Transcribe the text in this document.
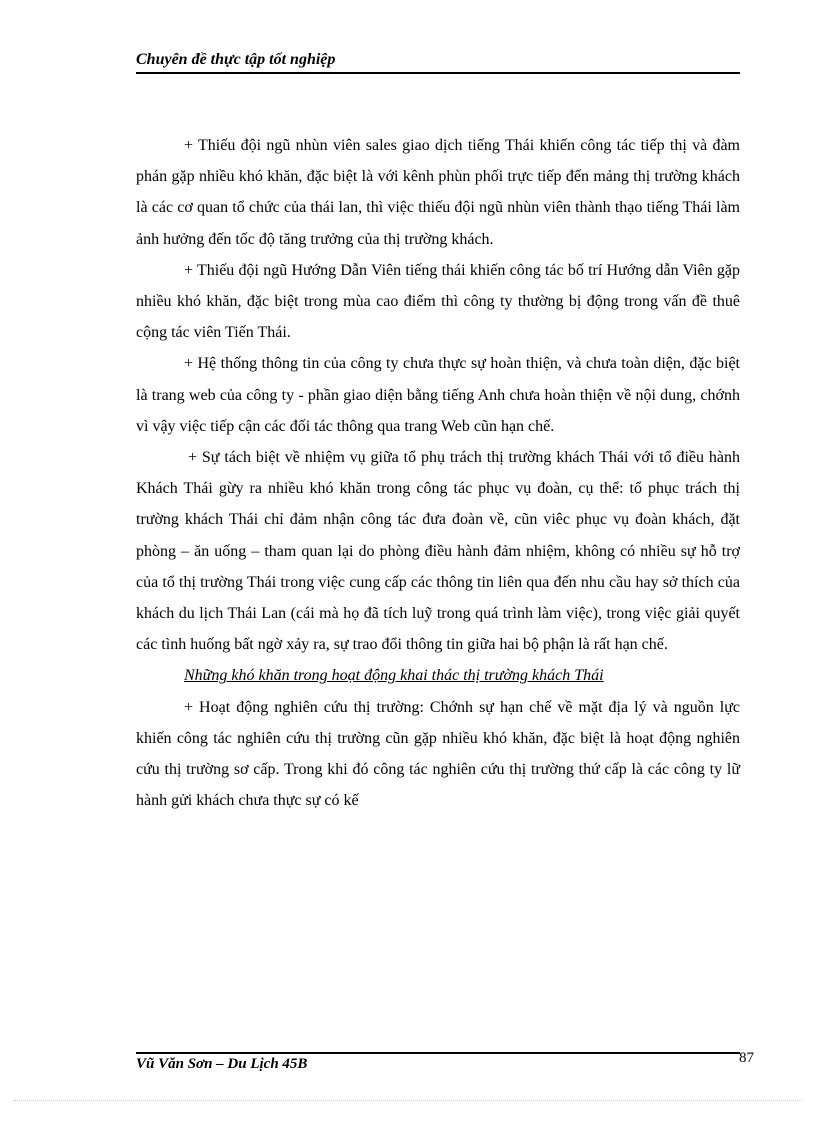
Chuyên đề thực tập tốt nghiệp

+ Thiếu đội ngũ nhùn viên sales giao dịch tiếng Thái khiến công tác tiếp thị và đàm phán gặp nhiều khó khăn, đặc biệt là với kênh phùn phối trực tiếp đến mảng thị trường khách là các cơ quan tổ chức của thái lan, thì việc thiếu đội ngũ nhùn viên thành thạo tiếng Thái làm ảnh hưởng đến tốc độ tăng trưởng của thị trường khách.

+ Thiếu đội ngũ Hướng Dẫn Viên tiếng thái khiến công tác bố trí Hướng dẫn Viên gặp nhiều khó khăn, đặc biệt trong mùa cao điểm thì công ty thường bị động trong vấn đề thuê cộng tác viên Tiến Thái.

+ Hệ thống thông tin của công ty chưa thực sự hoàn thiện, và chưa toàn diện, đặc biệt là trang web của công ty - phần giao diện bằng tiếng Anh chưa hoàn thiện về nội dung, chớnh vì vậy việc tiếp cận các đối tác thông qua trang Web cũn hạn chế.

+ Sự tách biệt về nhiệm vụ giữa tổ phụ trách thị trường khách Thái với tổ điều hành Khách Thái gừy ra nhiều khó khăn trong công tác phục vụ đoàn, cụ thể: tổ phục trách thị trường khách Thái chỉ đảm nhận công tác đưa đoàn về, cũn viêc phục vụ đoàn khách, đặt phòng – ăn uống – tham quan lại do phòng điều hành đảm nhiệm, không có nhiều sự hỗ trợ của tổ thị trường Thái trong việc cung cấp các thông tin liên qua đến nhu cầu hay sở thích của khách du lịch Thái Lan (cái mà họ đã tích luỹ trong quá trình làm việc), trong việc giải quyết các tình huống bất ngờ xảy ra, sự trao đổi thông tin giữa hai bộ phận là rất hạn chế.

Những khó khăn trong hoạt động khai thác thị trường khách Thái

+ Hoạt động nghiên cứu thị trường: Chớnh sự hạn chế về mặt địa lý và nguồn lực khiến công tác nghiên cứu thị trường cũn gặp nhiều khó khăn, đặc biệt là hoạt động nghiên cứu thị trường sơ cấp. Trong khi đó công tác nghiên cứu thị trường thứ cấp là các công ty lữ hành gửi khách chưa thực sự có kế

Vũ Văn Sơn – Du Lịch 45B	87
